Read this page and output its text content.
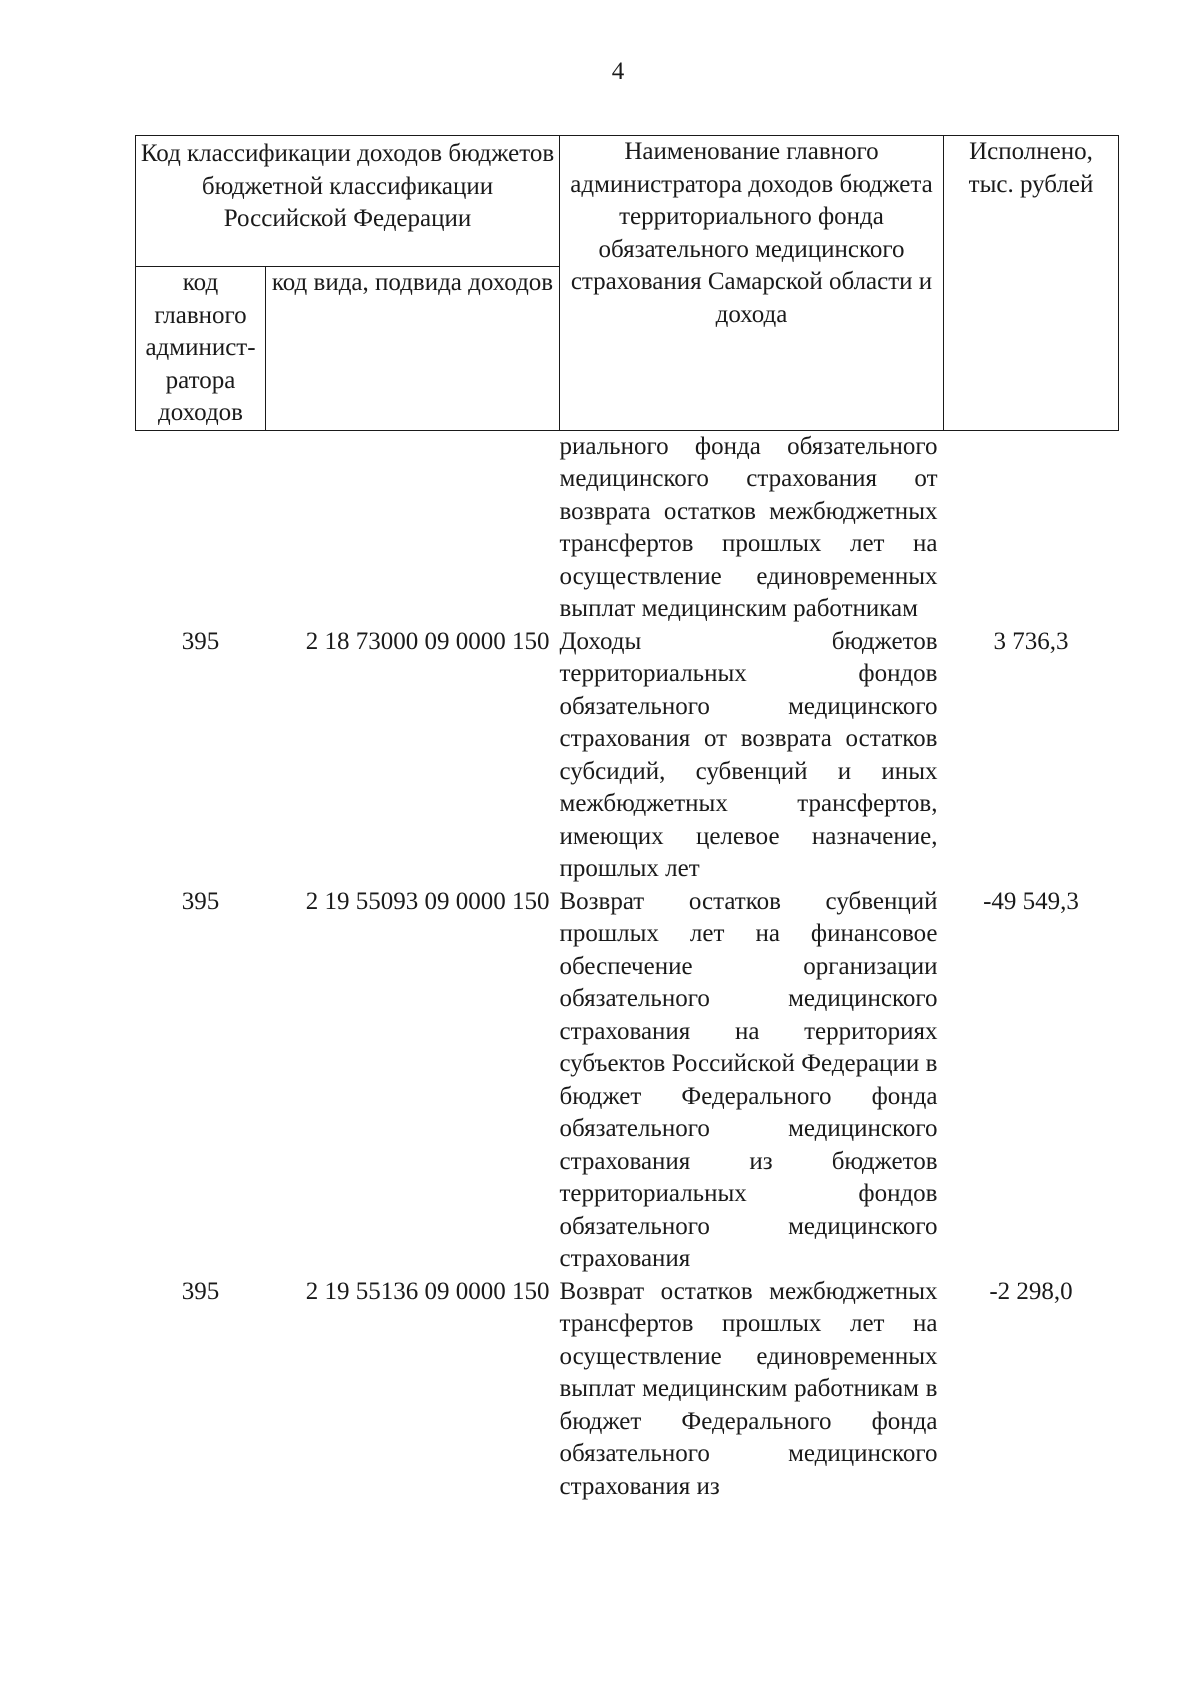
4
Код классификации доходов бюджетов бюджетной классификации Российской Федерации		Наименование главного администратора доходов бюджета территориального фонда обязательного медицинского страхования Самарской области и дохода	Исполнено, тыс. рублей
код главного админист-ратора доходов	код вида, подвида доходов		
		риального фонда обязательного медицинского страхования от возврата остатков межбюджетных трансфертов прошлых лет на осуществление единовременных выплат медицинским работникам	
395	2 18 73000 09 0000 150	Доходы бюджетов территориальных фондов обязательного медицинского страхования от возврата остатков субсидий, субвенций и иных межбюджетных трансфертов, имеющих целевое назначение, прошлых лет	3 736,3
395	2 19 55093 09 0000 150	Возврат остатков субвенций прошлых лет на финансовое обеспечение организации обязательного медицинского страхования на территориях субъектов Российской Федерации в бюджет Федерального фонда обязательного медицинского страхования из бюджетов территориальных фондов обязательного медицинского страхования	-49 549,3
395	2 19 55136 09 0000 150	Возврат остатков межбюджетных трансфертов прошлых лет на осуществление единовременных выплат медицинским работникам в бюджет Федерального фонда обязательного медицинского страхования из	-2 298,0
